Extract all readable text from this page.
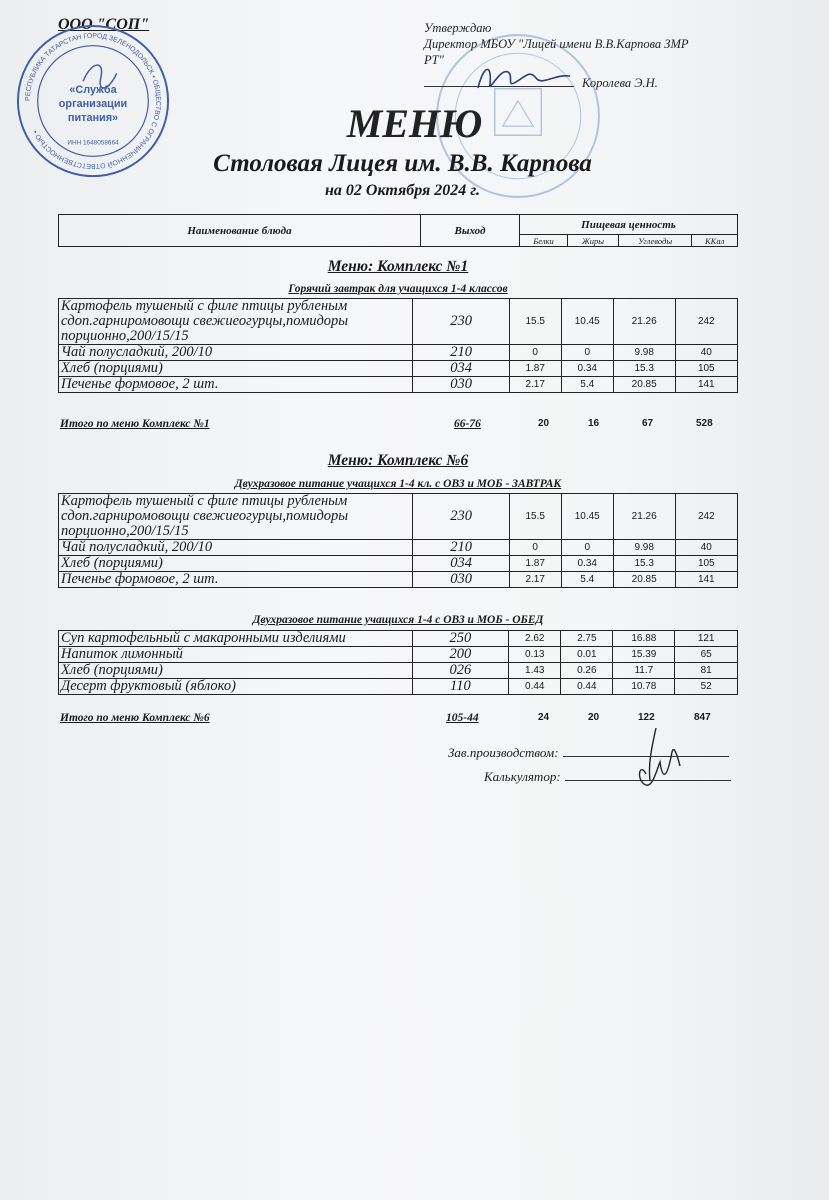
ООО "СОП"
РЕСПУБЛИКА ТАТАРСТАН ГОРОД ЗЕЛЕНОДОЛЬСК • ОБЩЕСТВО С ОГРАНИЧЕННОЙ ОТВЕТСТВЕННОСТЬЮ •
«Служба
организации
питания»
ИНН 1648058664
Утверждаю
Директор МБОУ "Лицей имени В.В.Карпова ЗМР
РТ"
Королева Э.Н.
МЕНЮ
Столовая Лицея им. В.В. Карпова
на 02 Октября 2024 г.
Наименование блюда	Выход	Пищевая ценность			
		Белки	Жиры	Углеводы	ККал
Меню: Комплекс №1
Горячий завтрак для учащихся 1-4 классов
Картофель тушеный с филе птицы рубленым сдоп.гарниромовощи свежиеогурцы,помидоры порционно,200/15/15	230	15.5	10.45	21.26	242
Чай полусладкий, 200/10	210	0	0	9.98	40
Хлеб (порциями)	034	1.87	0.34	15.3	105
Печенье формовое, 2 шт.	030	2.17	5.4	20.85	141
Итого по меню Комплекс №1	66-76	20	16	67	528
Меню: Комплекс №6
Двухразовое питание учащихся 1-4 кл. с ОВЗ и МОБ - ЗАВТРАК
Картофель тушеный с филе птицы рубленым сдоп.гарниромовощи свежиеогурцы,помидоры порционно,200/15/15	230	15.5	10.45	21.26	242
Чай полусладкий, 200/10	210	0	0	9.98	40
Хлеб (порциями)	034	1.87	0.34	15.3	105
Печенье формовое, 2 шт.	030	2.17	5.4	20.85	141
Двухразовое питание учащихся 1-4 с ОВЗ и МОБ - ОБЕД
Суп картофельный с макаронными изделиями	250	2.62	2.75	16.88	121
Напиток лимонный	200	0.13	0.01	15.39	65
Хлеб (порциями)	026	1.43	0.26	11.7	81
Десерт фруктовый (яблоко)	110	0.44	0.44	10.78	52
Итого по меню Комплекс №6	105-44	24	20	122	847
Зав.производством:
Калькулятор:
